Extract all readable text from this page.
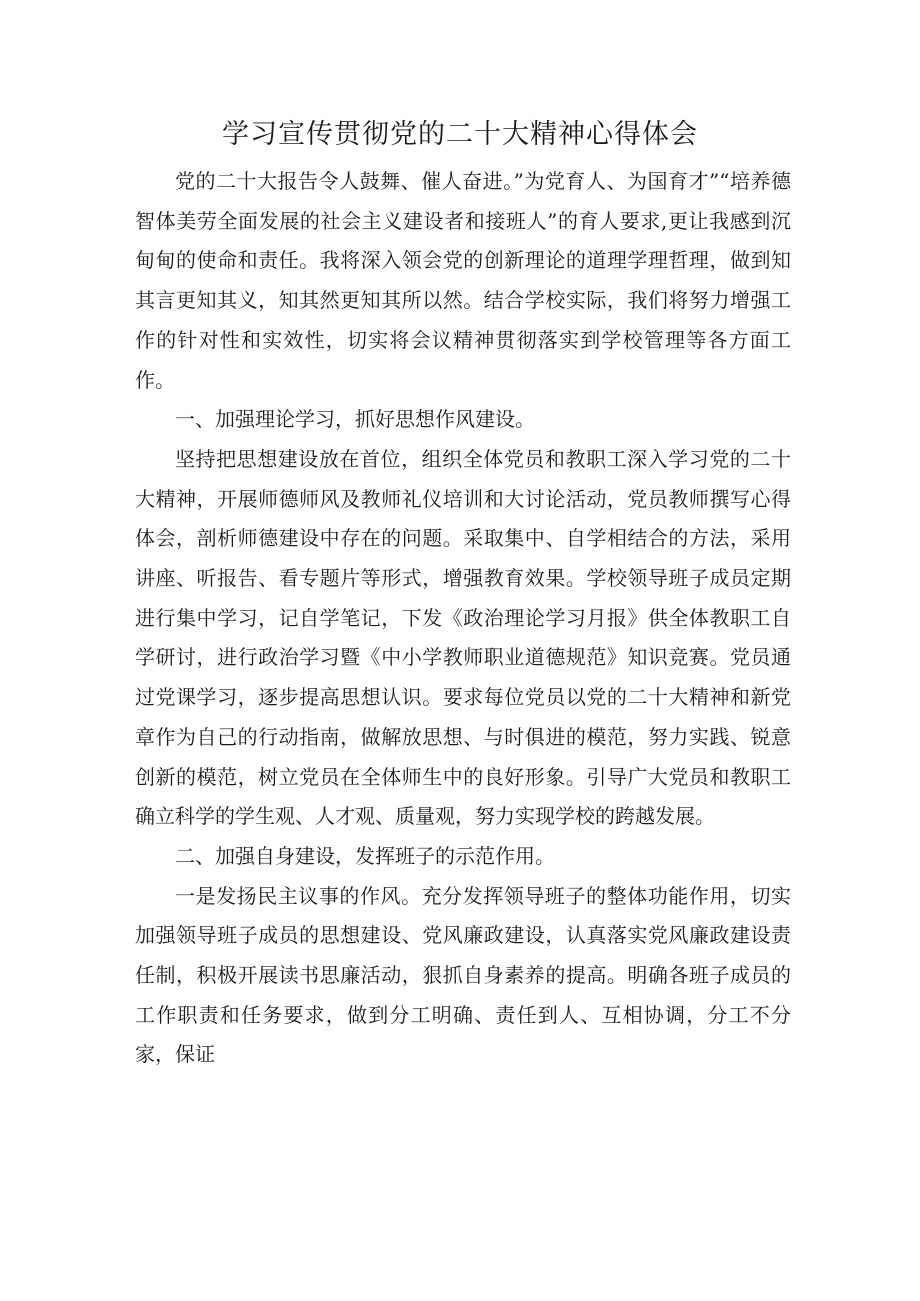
学习宣传贯彻党的二十大精神心得体会

党的二十大报告令人鼓舞、催人奋进。”为党育人、为国育才”“培养德智体美劳全面发展的社会主义建设者和接班人”的育人要求,更让我感到沉甸甸的使命和责任。我将深入领会党的创新理论的道理学理哲理，做到知其言更知其义，知其然更知其所以然。结合学校实际，我们将努力增强工作的针对性和实效性，切实将会议精神贯彻落实到学校管理等各方面工作。

一、加强理论学习，抓好思想作风建设。

坚持把思想建设放在首位，组织全体党员和教职工深入学习党的二十大精神，开展师德师风及教师礼仪培训和大讨论活动，党员教师撰写心得体会，剖析师德建设中存在的问题。采取集中、自学相结合的方法，采用讲座、听报告、看专题片等形式，增强教育效果。学校领导班子成员定期进行集中学习，记自学笔记，下发《政治理论学习月报》供全体教职工自学研讨，进行政治学习暨《中小学教师职业道德规范》知识竞赛。党员通过党课学习，逐步提高思想认识。要求每位党员以党的二十大精神和新党章作为自己的行动指南，做解放思想、与时俱进的模范，努力实践、锐意创新的模范，树立党员在全体师生中的良好形象。引导广大党员和教职工确立科学的学生观、人才观、质量观，努力实现学校的跨越发展。

二、加强自身建设，发挥班子的示范作用。

一是发扬民主议事的作风。充分发挥领导班子的整体功能作用，切实加强领导班子成员的思想建设、党风廉政建设，认真落实党风廉政建设责任制，积极开展读书思廉活动，狠抓自身素养的提高。明确各班子成员的工作职责和任务要求，做到分工明确、责任到人、互相协调，分工不分家，保证
